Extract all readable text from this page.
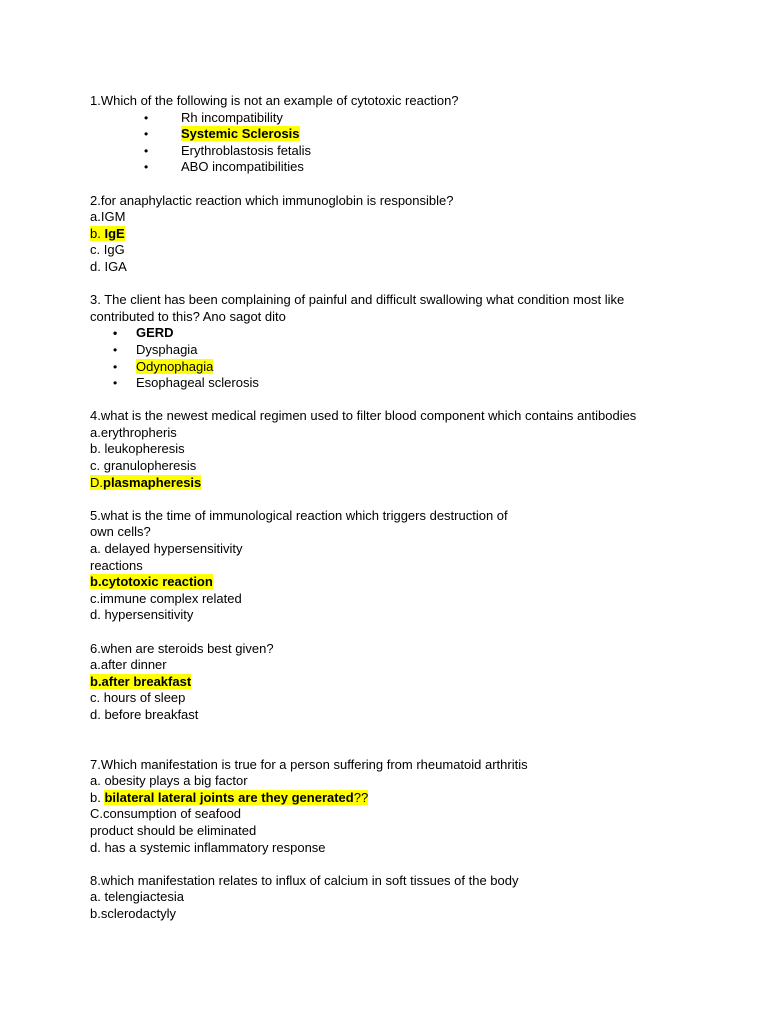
1.Which of the following is not an example of cytotoxic reaction?
• Rh incompatibility
• Systemic Sclerosis
• Erythroblastosis fetalis
• ABO incompatibilities
2.for anaphylactic reaction which immunoglobin is responsible?
a.IGM
b. IgE
c. IgG
d. IGA
3. The client has been complaining of painful and difficult swallowing what condition most like
contributed to this? Ano sagot dito
• GERD
• Dysphagia
• Odynophagia
• Esophageal sclerosis
4.what is the newest medical regimen used to filter blood component which contains antibodies
a.erythropheris
b. leukopheresis
c. granulopheresis
D.plasmapheresis
5.what is the time of immunological reaction which triggers destruction of
own cells?
a. delayed hypersensitivity
reactions
b.cytotoxic reaction
c.immune complex related
d. hypersensitivity
6.when are steroids best given?
a.after dinner
b.after breakfast
c. hours of sleep
d. before breakfast
7.Which manifestation is true for a person suffering from rheumatoid arthritis
a. obesity plays a big factor
b. bilateral lateral joints are they generated??
C.consumption of seafood
product should be eliminated
d. has a systemic inflammatory response
8.which manifestation relates to influx of calcium in soft tissues of the body
a. telengiactesia
b.sclerodactyly
